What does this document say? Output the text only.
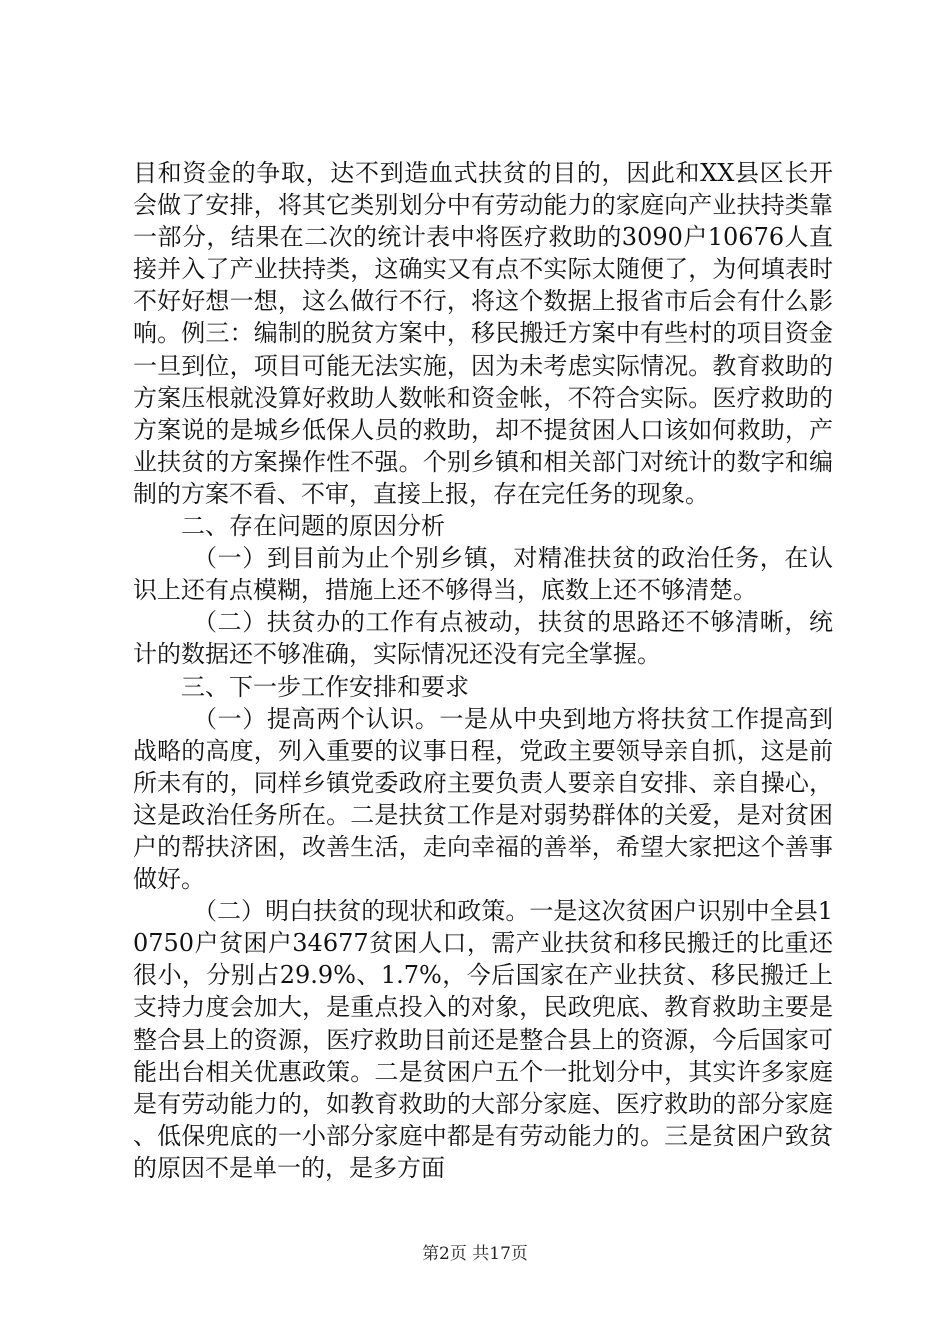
目和资金的争取，达不到造血式扶贫的目的，因此和XX县区长开会做了安排，将其它类别划分中有劳动能力的家庭向产业扶持类靠一部分，结果在二次的统计表中将医疗救助的3090户10676人直接并入了产业扶持类，这确实又有点不实际太随便了，为何填表时不好好想一想，这么做行不行，将这个数据上报省市后会有什么影响。例三：编制的脱贫方案中，移民搬迁方案中有些村的项目资金一旦到位，项目可能无法实施，因为未考虑实际情况。教育救助的方案压根就没算好救助人数帐和资金帐，不符合实际。医疗救助的方案说的是城乡低保人员的救助，却不提贫困人口该如何救助，产业扶贫的方案操作性不强。个别乡镇和相关部门对统计的数字和编制的方案不看、不审，直接上报，存在完任务的现象。

二、存在问题的原因分析

（一）到目前为止个别乡镇，对精准扶贫的政治任务，在认识上还有点模糊，措施上还不够得当，底数上还不够清楚。

（二）扶贫办的工作有点被动，扶贫的思路还不够清晰，统计的数据还不够准确，实际情况还没有完全掌握。

三、下一步工作安排和要求

（一）提高两个认识。一是从中央到地方将扶贫工作提高到战略的高度，列入重要的议事日程，党政主要领导亲自抓，这是前所未有的，同样乡镇党委政府主要负责人要亲自安排、亲自操心，这是政治任务所在。二是扶贫工作是对弱势群体的关爱，是对贫困户的帮扶济困，改善生活，走向幸福的善举，希望大家把这个善事做好。

（二）明白扶贫的现状和政策。一是这次贫困户识别中全县10750户贫困户34677贫困人口，需产业扶贫和移民搬迁的比重还很小，分别占29.9%、1.7%，今后国家在产业扶贫、移民搬迁上支持力度会加大，是重点投入的对象，民政兜底、教育救助主要是整合县上的资源，医疗救助目前还是整合县上的资源，今后国家可能出台相关优惠政策。二是贫困户五个一批划分中，其实许多家庭是有劳动能力的，如教育救助的大部分家庭、医疗救助的部分家庭、低保兜底的一小部分家庭中都是有劳动能力的。三是贫困户致贫的原因不是单一的，是多方面

第2页 共17页
